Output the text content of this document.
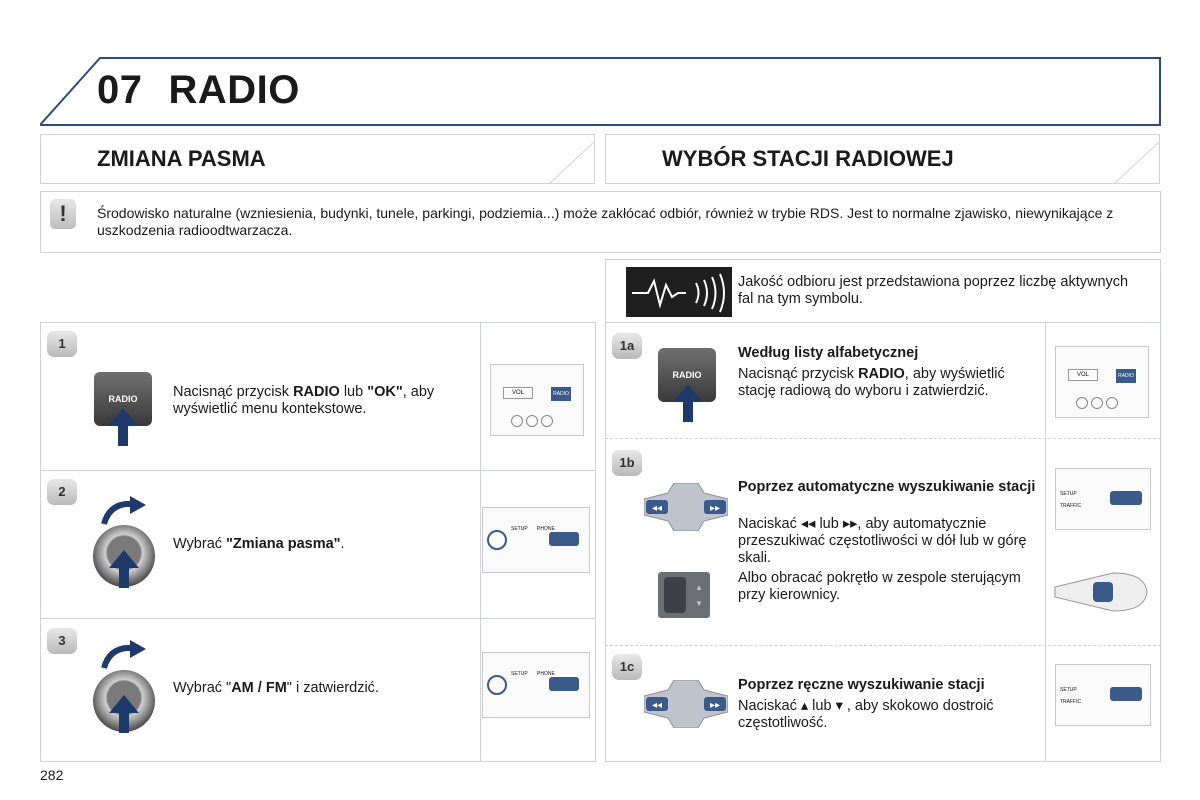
07 RADIO
ZMIANA PASMA	WYBÓR STACJI RADIOWEJ
!	Środowisko naturalne (wzniesienia, budynki, tunele, parkingi, podziemia...) może zakłócać odbiór, również w trybie RDS. Jest to normalne zjawisko, niewynikające z uszkodzenia radioodtwarzacza.
1
RADIO	Nacisnąć przycisk RADIO lub "OK", aby wyświetlić menu kontekstowe.
VOL	RADIO
2
Wybrać "Zmiana pasma".
SETUP PHONE
3
Wybrać "AM / FM" i zatwierdzić.
SETUP PHONE
Jakość odbioru jest przedstawiona poprzez liczbę aktywnych fal na tym symbolu.
1a
RADIO
Według listy alfabetycznej
Nacisnąć przycisk RADIO, aby wyświetlić stację radiową do wyboru i zatwierdzić.
VOL	RADIO
1b
◂◂	▸▸
Poprzez automatyczne wyszukiwanie stacji
Naciskać ◂◂ lub ▸▸, aby automatycznie przeszukiwać częstotliwości w dół lub w górę skali.
▴
▾
Albo obracać pokrętło w zespole sterującym przy kierownicy.
SETUP
TRAFFIC
1c
◂◂	▸▸
Poprzez ręczne wyszukiwanie stacji
Naciskać ▴ lub ▾ , aby skokowo dostroić częstotliwość.
SETUP
TRAFFIC
282
